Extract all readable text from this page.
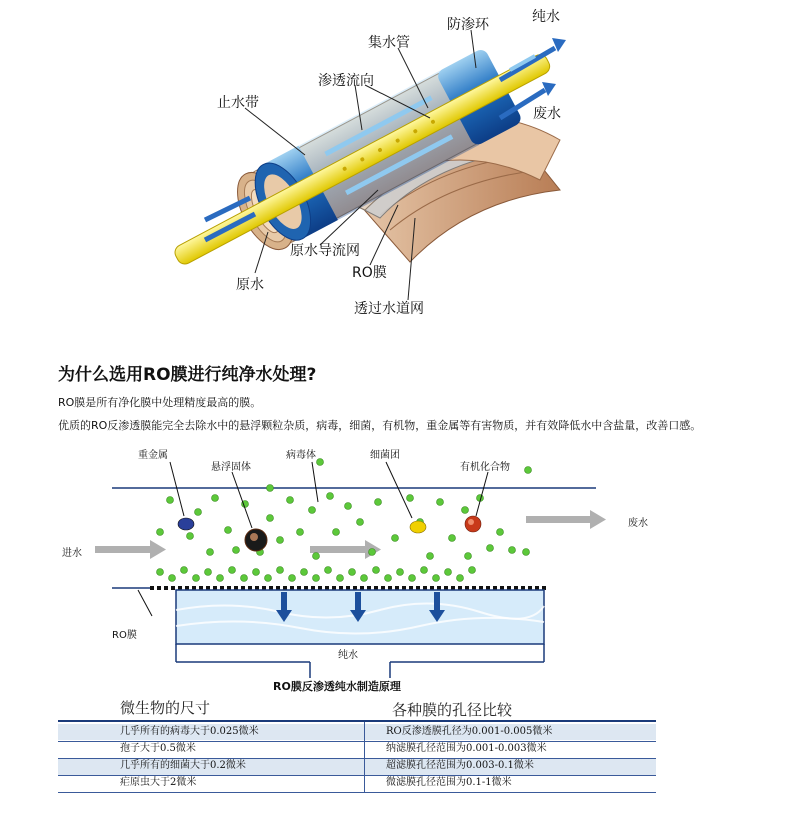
纯水
防渗环
集水管
渗透流向
止水带
废水
原水导流网
RO膜
原水
透过水道网
为什么选用RO膜进行纯净水处理?
RO膜是所有净化膜中处理精度最高的膜。
优质的RO反渗透膜能完全去除水中的悬浮颗粒杂质，病毒，细菌，有机物，重金属等有害物质，并有效降低水中含盐量，改善口感。
重金属
悬浮固体
病毒体	细菌团
有机化合物
进水
废水
RO膜
纯水
RO膜反渗透纯水制造原理
微生物的尺寸	各种膜的孔径比较
几乎所有的病毒大于0.025微米	RO反渗透膜孔径为0.001-0.005微米
孢子大于0.5微米	纳滤膜孔径范围为0.001-0.003微米
几乎所有的细菌大于0.2微米	超滤膜孔径范围为0.003-0.1微米
疟原虫大于2微米	微滤膜孔径范围为0.1-1微米
